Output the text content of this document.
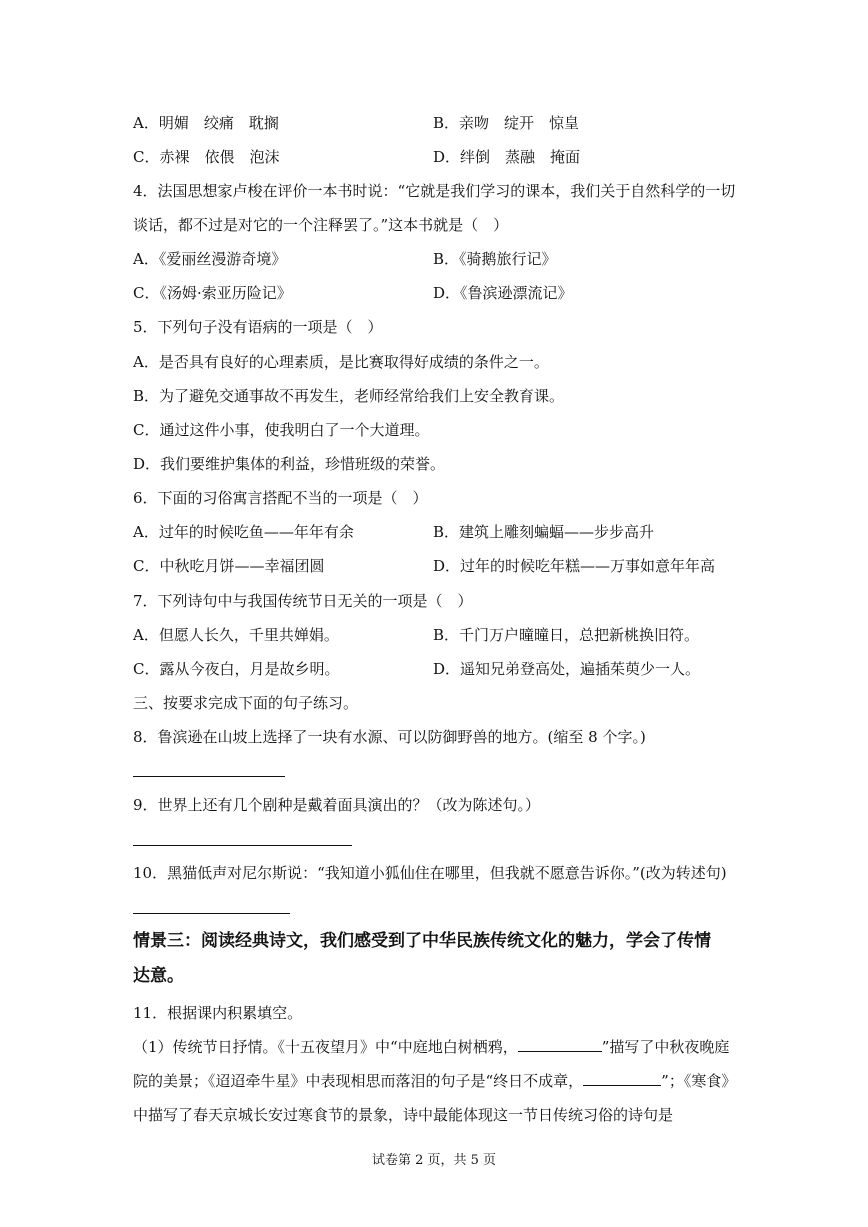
A．明媚　绞痛　耽搁	B．亲吻　绽开　惊皇
C．赤裸　依偎　泡沫	D．绊倒　蒸融　掩面
4．法国思想家卢梭在评价一本书时说：“它就是我们学习的课本，我们关于自然科学的一切
谈话，都不过是对它的一个注释罢了。”这本书就是（　）
A．《爱丽丝漫游奇境》	B．《骑鹅旅行记》
C．《汤姆·索亚历险记》	D．《鲁滨逊漂流记》
5．下列句子没有语病的一项是（　）
A．是否具有良好的心理素质，是比赛取得好成绩的条件之一。
B．为了避免交通事故不再发生，老师经常给我们上安全教育课。
C．通过这件小事，使我明白了一个大道理。
D．我们要维护集体的利益，珍惜班级的荣誉。
6．下面的习俗寓言搭配不当的一项是（　）
A．过年的时候吃鱼——年年有余	B．建筑上雕刻蝙蝠——步步高升
C．中秋吃月饼——幸福团圆	D．过年的时候吃年糕——万事如意年年高
7．下列诗句中与我国传统节日无关的一项是（　）
A．但愿人长久，千里共婵娟。	B．千门万户曈曈日，总把新桃换旧符。
C．露从今夜白，月是故乡明。	D．遥知兄弟登高处，遍插茱萸少一人。
三、按要求完成下面的句子练习。
8．鲁滨逊在山坡上选择了一块有水源、可以防御野兽的地方。(缩至 8 个字。)
9．世界上还有几个剧种是戴着面具演出的？（改为陈述句。）
10．黑猫低声对尼尔斯说：“我知道小狐仙住在哪里，但我就不愿意告诉你。”(改为转述句)
情景三：阅读经典诗文，我们感受到了中华民族传统文化的魅力，学会了传情
达意。
11．根据课内积累填空。
（1）传统节日抒情。《十五夜望月》中“中庭地白树栖鸦，	”描写了中秋夜晚庭
院的美景；《迢迢牵牛星》中表现相思而落泪的句子是“终日不成章，	”；《寒食》
中描写了春天京城长安过寒食节的景象，诗中最能体现这一节日传统习俗的诗句是
试卷第 2 页，共 5 页
